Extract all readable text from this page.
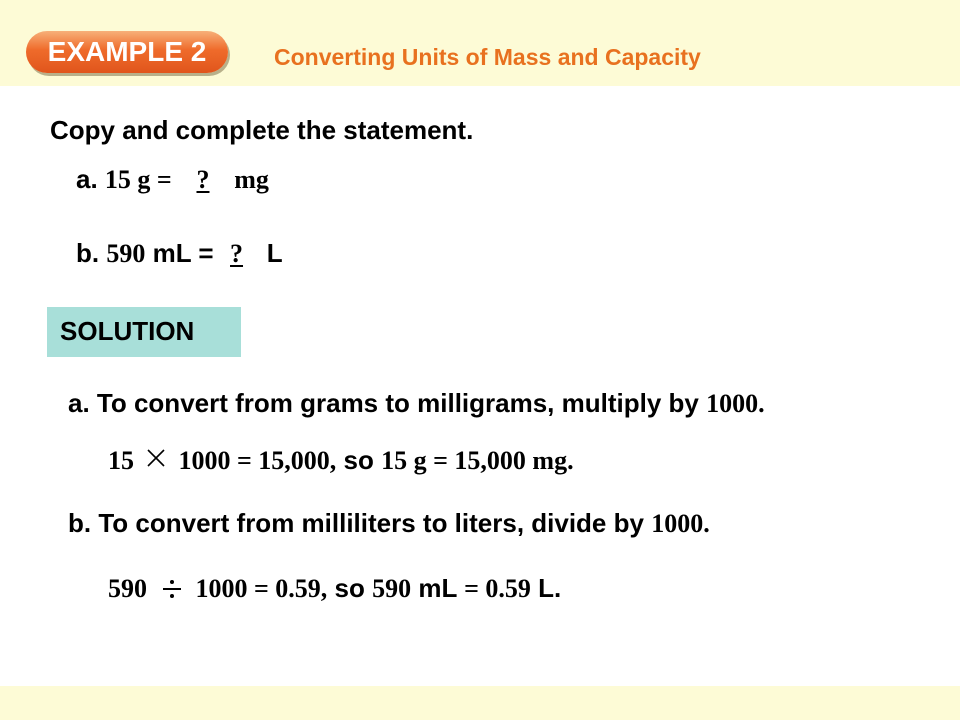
EXAMPLE 2	Converting Units of Mass and Capacity
Copy and complete the statement.
a. 15 g = ? mg
b. 590 mL = ? L
SOLUTION
a. To convert from grams to milligrams, multiply by 1000.
15 1000 = 15,000, so 15 g = 15,000 mg.
b. To convert from milliliters to liters, divide by 1000.
590 1000 = 0.59, so 590 mL = 0.59 L.
